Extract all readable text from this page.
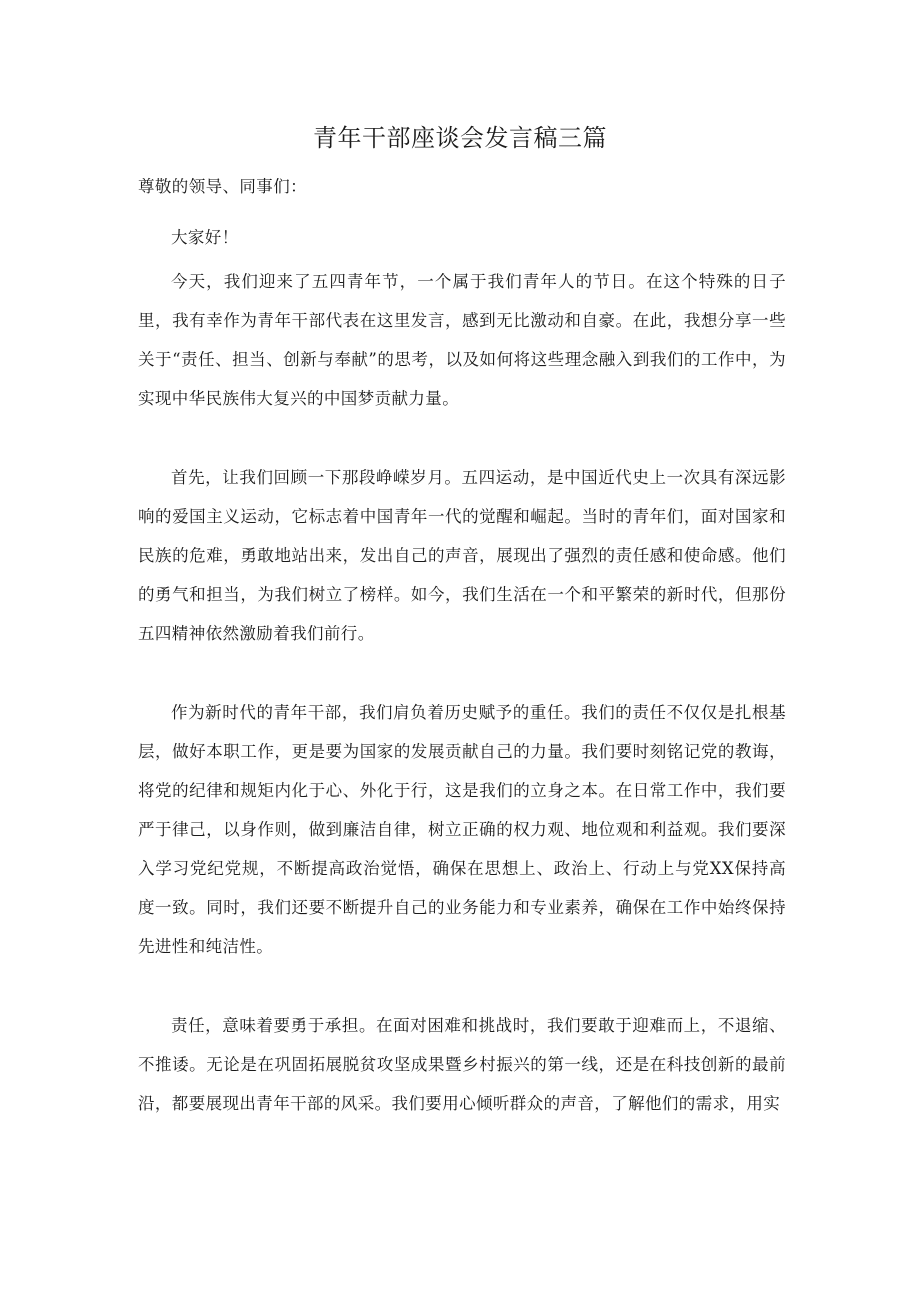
青年干部座谈会发言稿三篇
尊敬的领导、同事们：
大家好！
今天，我们迎来了五四青年节，一个属于我们青年人的节日。在这个特殊的日子里，我有幸作为青年干部代表在这里发言，感到无比激动和自豪。在此，我想分享一些关于“责任、担当、创新与奉献”的思考，以及如何将这些理念融入到我们的工作中，为实现中华民族伟大复兴的中国梦贡献力量。
首先，让我们回顾一下那段峥嵘岁月。五四运动，是中国近代史上一次具有深远影响的爱国主义运动，它标志着中国青年一代的觉醒和崛起。当时的青年们，面对国家和民族的危难，勇敢地站出来，发出自己的声音，展现出了强烈的责任感和使命感。他们的勇气和担当，为我们树立了榜样。如今，我们生活在一个和平繁荣的新时代，但那份五四精神依然激励着我们前行。
作为新时代的青年干部，我们肩负着历史赋予的重任。我们的责任不仅仅是扎根基层，做好本职工作，更是要为国家的发展贡献自己的力量。我们要时刻铭记党的教诲，将党的纪律和规矩内化于心、外化于行，这是我们的立身之本。在日常工作中，我们要严于律己，以身作则，做到廉洁自律，树立正确的权力观、地位观和利益观。我们要深入学习党纪党规，不断提高政治觉悟，确保在思想上、政治上、行动上与党XX保持高度一致。同时，我们还要不断提升自己的业务能力和专业素养，确保在工作中始终保持先进性和纯洁性。
责任，意味着要勇于承担。在面对困难和挑战时，我们要敢于迎难而上，不退缩、不推诿。无论是在巩固拓展脱贫攻坚成果暨乡村振兴的第一线，还是在科技创新的最前沿，都要展现出青年干部的风采。我们要用心倾听群众的声音，了解他们的需求，用实
